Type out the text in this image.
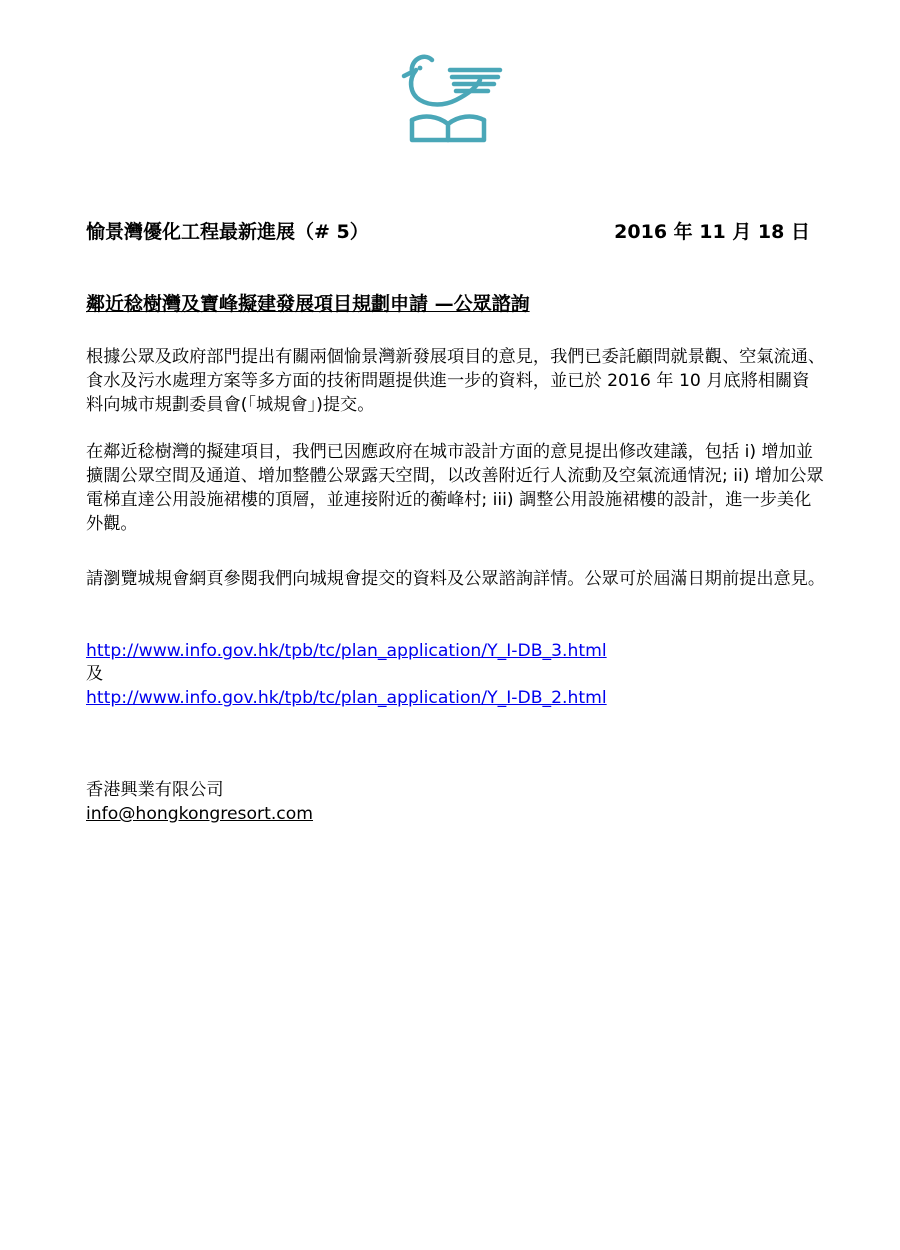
愉景灣優化工程最新進展（# 5）	2016 年 11 月 18 日
鄰近稔樹灣及寶峰擬建發展項目規劃申請 —公眾諮詢

根據公眾及政府部門提出有關兩個愉景灣新發展項目的意見，我們已委託顧問就景觀、空氣流通、食水及污水處理方案等多方面的技術問題提供進一步的資料，並已於 2016 年 10 月底將相關資料向城市規劃委員會(「城規會」)提交。

在鄰近稔樹灣的擬建項目，我們已因應政府在城市設計方面的意見提出修改建議，包括 i) 增加並擴闊公眾空間及通道、增加整體公眾露天空間，以改善附近行人流動及空氣流通情況; ii) 增加公眾電梯直達公用設施裙樓的頂層，並連接附近的蘅峰村; iii) 調整公用設施裙樓的設計，進一步美化外觀。

請瀏覽城規會網頁參閱我們向城規會提交的資料及公眾諮詢詳情。公眾可於屆滿日期前提出意見。

http://www.info.gov.hk/tpb/tc/plan_application/Y_I-DB_3.html
及
http://www.info.gov.hk/tpb/tc/plan_application/Y_I-DB_2.html
香港興業有限公司
info@hongkongresort.com
